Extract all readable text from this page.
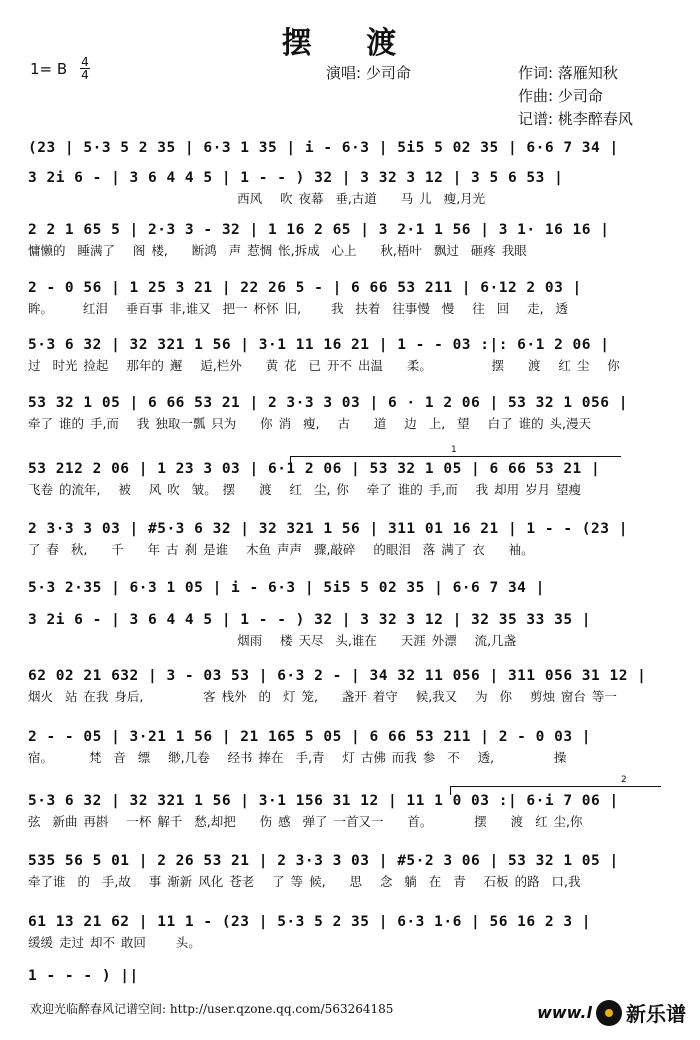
摆 渡
1= B 4
4	演唱: 少司命	作词: 落雁知秋
作曲: 少司命
记谱: 桃李醉春风
(23 | 5·3 5 2 35 | 6·3 1 35 | i - 6·3 | 5i5 5 02 35 | 6·6 7 34 |
3 2i 6 - | 3 6 4 4 5 | 1 - - ) 32 | 3 32 3 12 | 3 5 6 53 |
西风   吹 夜幕  垂,古道    马 儿  瘦,月光
2 2 1 65 5 | 2·3 3 - 32 | 1 16 2 65 | 3 2·1 1 56 | 3 1· 16 16 |
慵懒的  睡满了   阁 楼,    断鸿  声 惹惆 怅,拆成  心上    秋,梧叶  飘过  砸疼 我眼
2 - 0 56 | 1 25 3 21 | 22 26 5 - | 6 66 53 211 | 6·12 2 03 |
眸。     红泪   垂百事 非,谁又  把一 杯怀 旧,     我  扶着  往事慢  慢   往  回   走,  透
5·3 6 32 | 32 321 1 56 | 3·1 11 16 21 | 1 - - 03 :|: 6·1 2 06 |
过  时光 捡起   那年的 邂   逅,栏外    黄 花  已 开不 出温    柔。          摆    渡   红 尘   你
53 32 1 05 | 6 66 53 21 | 2 3·3 3 03 | 6 · 1 2 06 | 53 32 1 056 |
牵了 谁的 手,而   我 独取一瓢 只为    你 消  瘦,   古    道   边  上,  望   白了 谁的 头,漫天
53 212 2 06 | 1 23 3 03 | 6·1 2 06 | 53 32 1 05 | 6 66 53 21 |
飞卷 的流年,   被   风 吹  皱。 摆    渡   红  尘, 你   牵了 谁的 手,而   我 却用 岁月 望瘦
2 3·3 3 03 | #5·3 6 32 | 32 321 1 56 | 311 01 16 21 | 1 - - (23 |
了 春  秋,    千    年 古 刹 是谁   木鱼 声声  骤,敲碎   的眼泪  落 满了 衣    袖。
5·3 2·35 | 6·3 1 05 | i - 6·3 | 5i5 5 02 35 | 6·6 7 34 |
3 2i 6 - | 3 6 4 4 5 | 1 - - ) 32 | 3 32 3 12 | 32 35 33 35 |
烟雨   楼 天尽  头,谁在    天涯 外漂   流,几盏
62 02 21 632 | 3 - 03 53 | 6·3 2 - | 34 32 11 056 | 311 056 31 12 |
烟火  站 在我 身后,          客 栈外  的  灯 笼,    盏开 着守   候,我又   为  你   剪烛 窗台 等一
2 - - 05 | 3·21 1 56 | 21 165 5 05 | 6 66 53 211 | 2 - 0 03 |
宿。      梵  音  缥   缈,几卷   经书 捧在  手,青   灯 古佛 而我 参  不   透,          操
5·3 6 32 | 32 321 1 56 | 3·1 156 31 12 | 11 1 0 03 :| 6·i 7 06 |
弦  新曲 再斟   一杯 解千  愁,却把    伤 感  弹了 一首又一    首。       摆    渡  红 尘,你
535 56 5 01 | 2 26 53 21 | 2 3·3 3 03 | #5·2 3 06 | 53 32 1 05 |
牵了谁  的  手,故   事 渐新 风化 苍老   了 等 候,    思   念  躺  在  青   石板 的路  口,我
61 13 21 62 | 11 1 - (23 | 5·3 5 2 35 | 6·3 1·6 | 56 16 2 3 |
缓缓 走过 却不 敢回     头。
1 - - - ) ||
1
2
欢迎光临醉春风记谱空间: http://user.qzone.qq.com/563264185	www.l 新乐谱
